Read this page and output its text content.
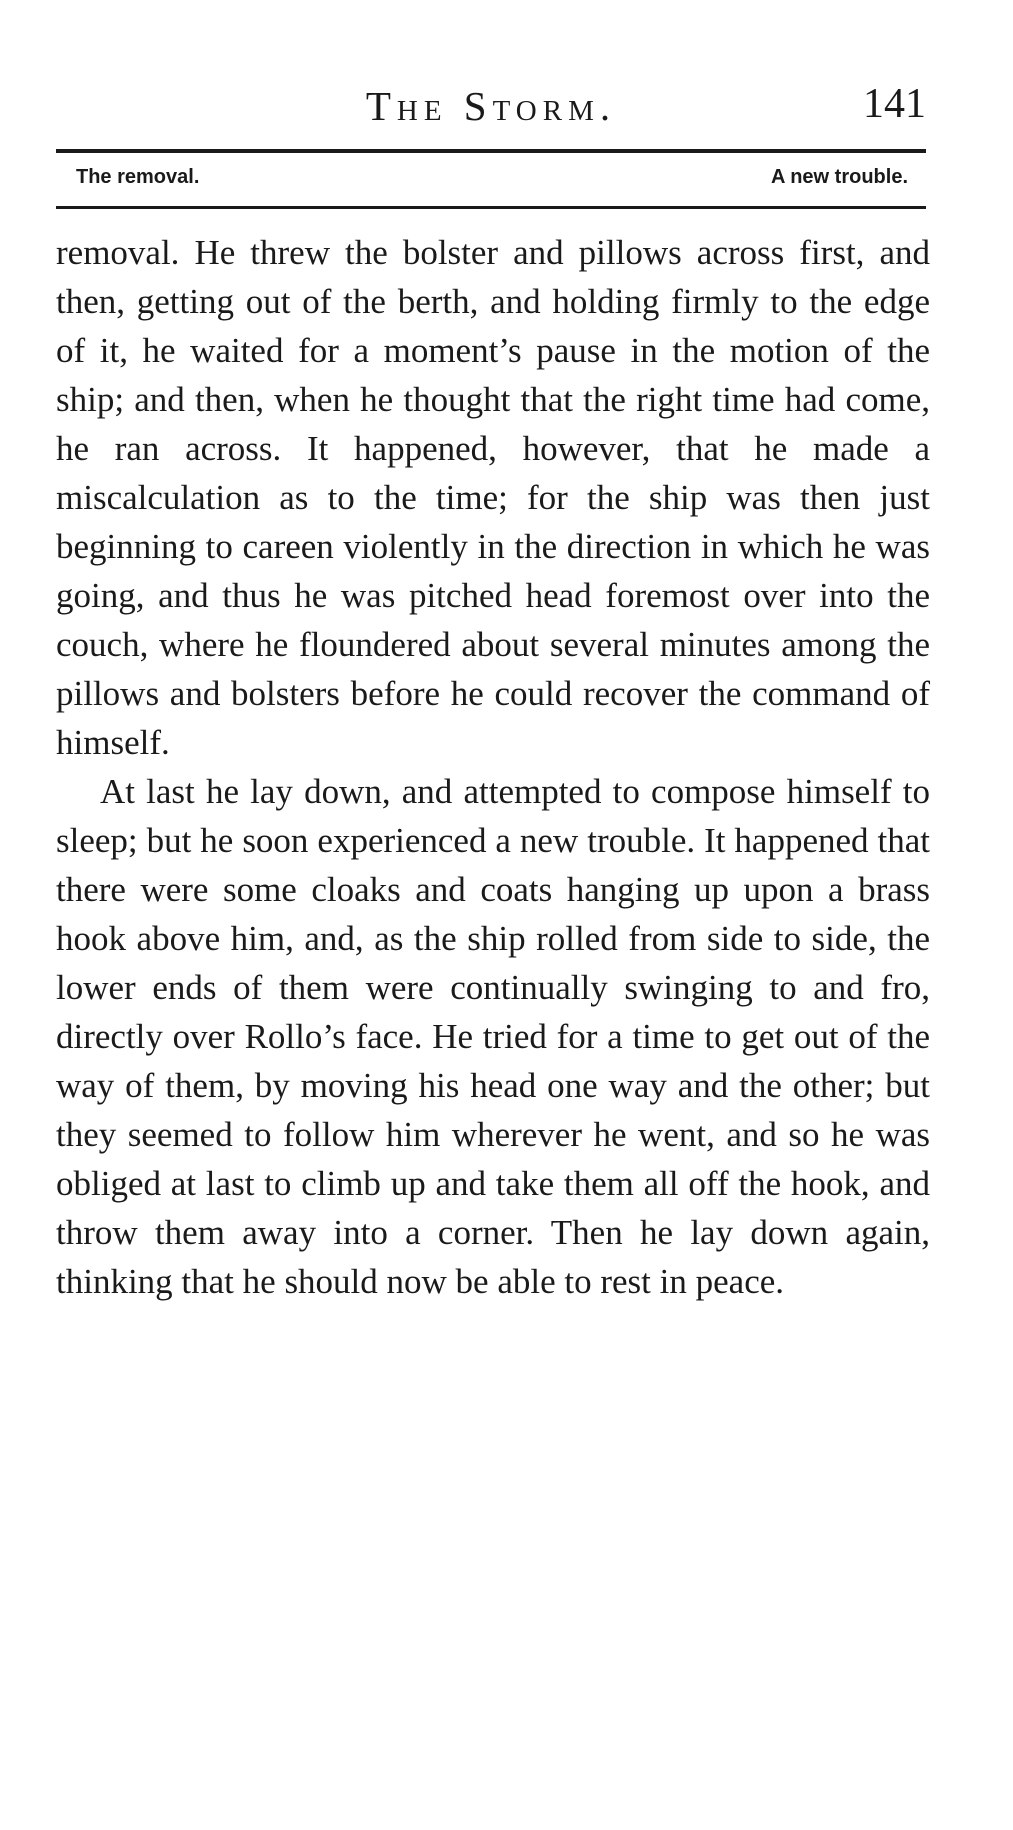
The Storm.	141
The removal.	A new trouble.

removal. He threw the bolster and pillows across first, and then, getting out of the berth, and holding firmly to the edge of it, he waited for a moment’s pause in the motion of the ship; and then, when he thought that the right time had come, he ran across. It happened, however, that he made a miscalculation as to the time; for the ship was then just beginning to careen violently in the direction in which he was going, and thus he was pitched head foremost over into the couch, where he floundered about several minutes among the pillows and bolsters before he could recover the command of himself.

At last he lay down, and attempted to compose himself to sleep; but he soon experienced a new trouble. It happened that there were some cloaks and coats hanging up upon a brass hook above him, and, as the ship rolled from side to side, the lower ends of them were continually swinging to and fro, directly over Rollo’s face. He tried for a time to get out of the way of them, by moving his head one way and the other; but they seemed to follow him wherever he went, and so he was obliged at last to climb up and take them all off the hook, and throw them away into a corner. Then he lay down again, thinking that he should now be able to rest in peace.
